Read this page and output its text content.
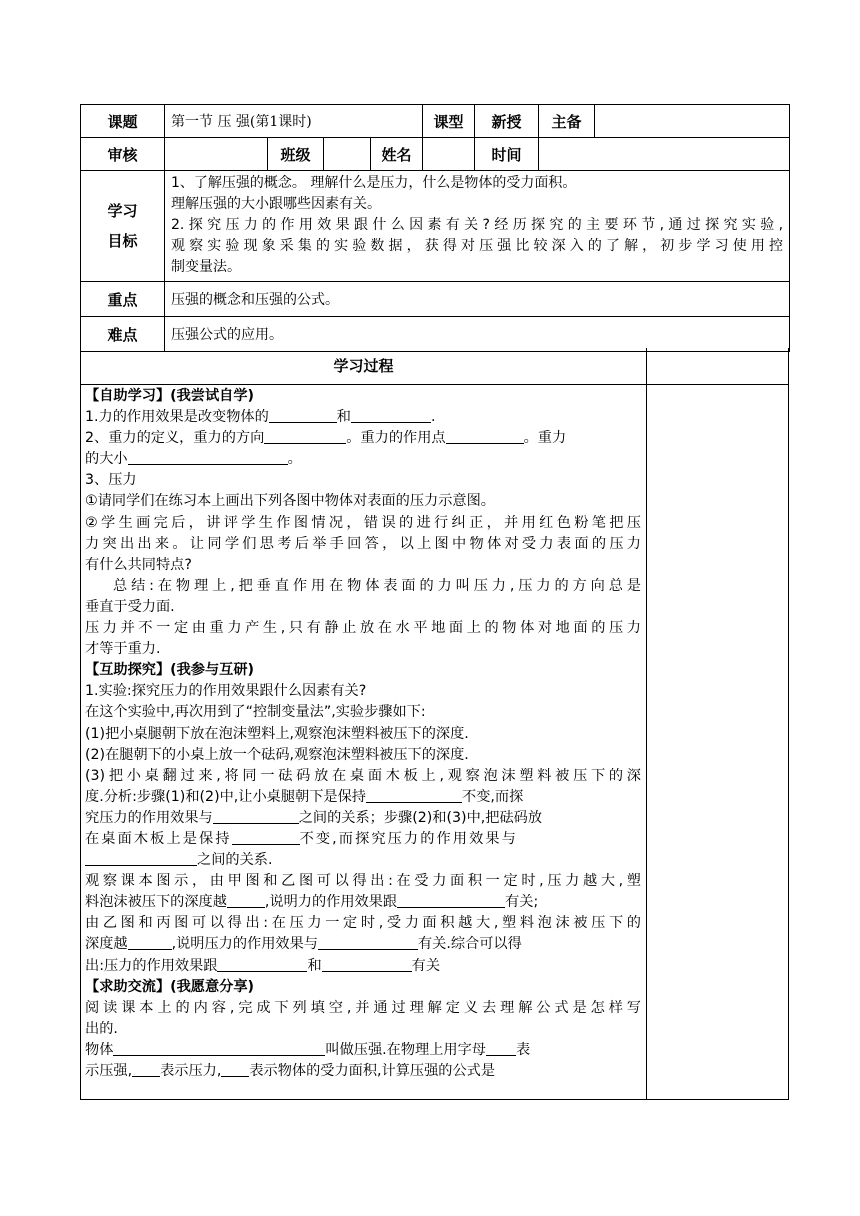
课题	第一节 压 强(第1课时)				课型	新授	主备	
审核		班级		姓名		时间		
学习
目标	1、了解压强的概念。 理解什么是压力，什么是物体的受力面积。
理解压强的大小跟哪些因素有关。
2.探究压力的作用效果跟什么因素有关?经历探究的主要环节,通过探究实验,
观察实验现象采集的实验数据，获得对压强比较深入的了解，初步学习使用控
制变量法。							

重点	压强的概念和压强的公式。							
难点	压强公式的应用。							
学习过程
【自助学习】(我尝试自学)
1.力的作用效果是改变物体的	和	.
2、重力的定义，重力的方向	。重力的作用点	。重力
的大小	。
3、压力
①请同学们在练习本上画出下列各图中物体对表面的压力示意图。
②学生画完后，讲评学生作图情况，错误的进行纠正，并用红色粉笔把压
力突出出来。让同学们思考后举手回答，以上图中物体对受力表面的压力
有什么共同特点?
总结:在物理上,把垂直作用在物体表面的力叫压力,压力的方向总是
垂直于受力面.
压力并不一定由重力产生,只有静止放在水平地面上的物体对地面的压力
才等于重力.
【互助探究】(我参与互研)
1.实验:探究压力的作用效果跟什么因素有关?
在这个实验中,再次用到了“控制变量法”,实验步骤如下:
(1)把小桌腿朝下放在泡沫塑料上,观察泡沫塑料被压下的深度.
(2)在腿朝下的小桌上放一个砝码,观察泡沫塑料被压下的深度.
(3)把小桌翻过来,将同一砝码放在桌面木板上,观察泡沫塑料被压下的深
度.分析:步骤(1)和(2)中,让小桌腿朝下是保持	不变,而探
究压力的作用效果与	之间的关系；步骤(2)和(3)中,把砝码放
在桌面木板上是保持	不变,而探究压力的作用效果与
之间的关系.
观察课本图示，由甲图和乙图可以得出:在受力面积一定时,压力越大,塑
料泡沫被压下的深度越	,说明力的作用效果跟	有关;
由乙图和丙图可以得出:在压力一定时,受力面积越大,塑料泡沫被压下的
深度越	,说明压力的作用效果与	有关.综合可以得
出:压力的作用效果跟	和	有关
【求助交流】(我愿意分享)
阅读课本上的内容,完成下列填空,并通过理解定义去理解公式是怎样写
出的.
物体	叫做压强.在物理上用字母 表
示压强, 表示压力, 表示物体的受力面积,计算压强的公式是
